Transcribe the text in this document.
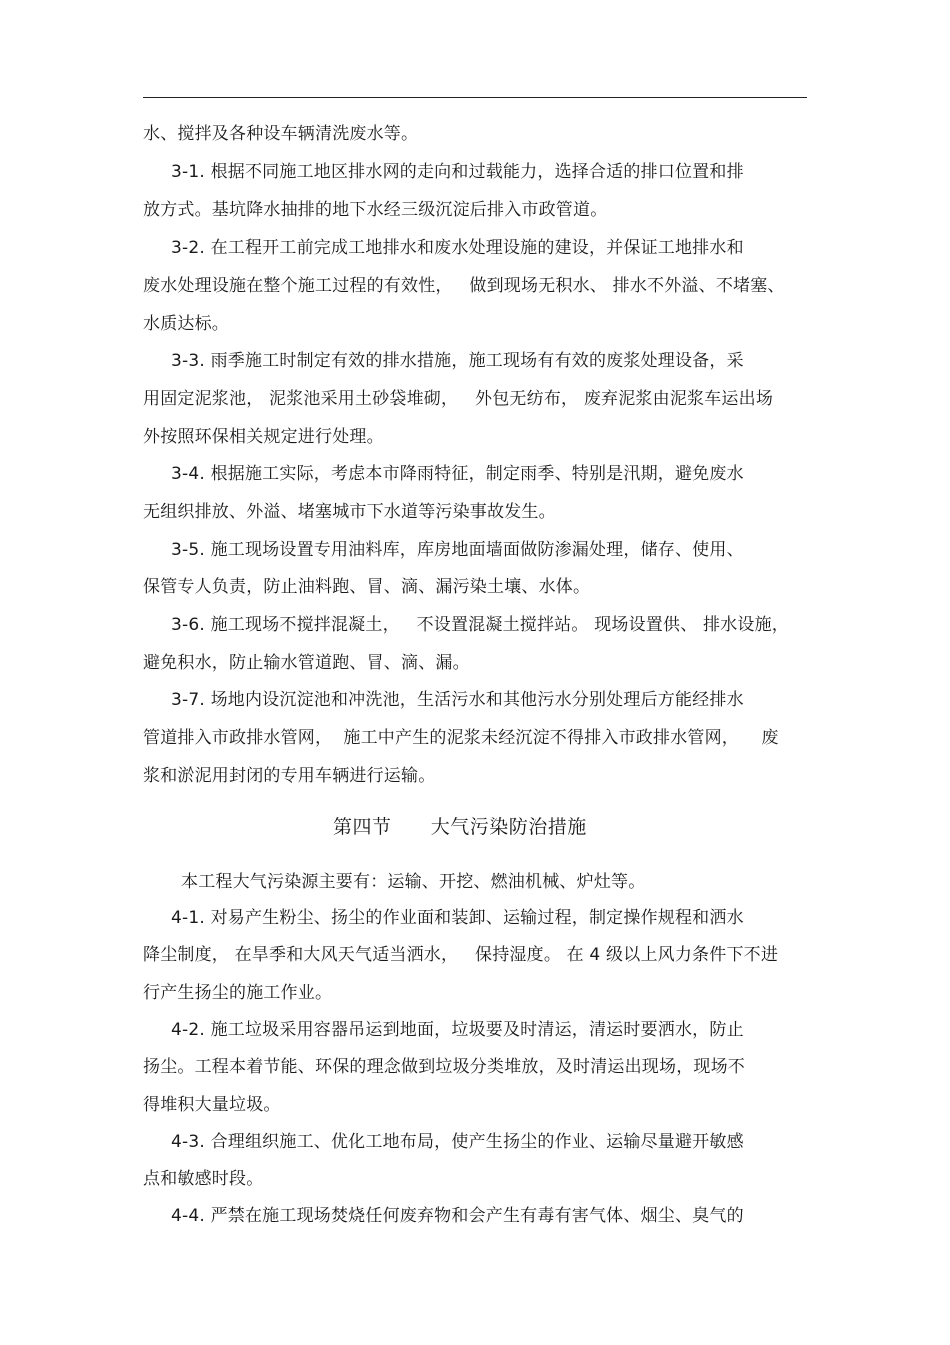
水、搅拌及各种设车辆清洗废水等。
3-1. 根据不同施工地区排水网的走向和过载能力，选择合适的排口位置和排
放方式。基坑降水抽排的地下水经三级沉淀后排入市政管道。
3-2. 在工程开工前完成工地排水和废水处理设施的建设，并保证工地排水和
废水处理设施在整个施工过程的有效性，   做到现场无积水、 排水不外溢、不堵塞、
水质达标。
3-3. 雨季施工时制定有效的排水措施，施工现场有有效的废浆处理设备，采
用固定泥浆池， 泥浆池采用土砂袋堆砌，   外包无纺布， 废弃泥浆由泥浆车运出场
外按照环保相关规定进行处理。
3-4. 根据施工实际，考虑本市降雨特征，制定雨季、特别是汛期，避免废水
无组织排放、外溢、堵塞城市下水道等污染事故发生。
3-5. 施工现场设置专用油料库，库房地面墙面做防渗漏处理，储存、使用、
保管专人负责，防止油料跑、冒、滴、漏污染土壤、水体。
3-6. 施工现场不搅拌混凝土，   不设置混凝土搅拌站。 现场设置供、 排水设施，
避免积水，防止输水管道跑、冒、滴、漏。
3-7. 场地内设沉淀池和冲洗池，生活污水和其他污水分别处理后方能经排水
管道排入市政排水管网，  施工中产生的泥浆未经沉淀不得排入市政排水管网，    废
浆和淤泥用封闭的专用车辆进行运输。
第四节      大气污染防治措施
本工程大气污染源主要有：运输、开挖、燃油机械、炉灶等。
4-1. 对易产生粉尘、扬尘的作业面和装卸、运输过程，制定操作规程和洒水
降尘制度， 在旱季和大风天气适当洒水，   保持湿度。 在 4 级以上风力条件下不进
行产生扬尘的施工作业。
4-2. 施工垃圾采用容器吊运到地面，垃圾要及时清运，清运时要洒水，防止
扬尘。工程本着节能、环保的理念做到垃圾分类堆放，及时清运出现场，现场不
得堆积大量垃圾。
4-3. 合理组织施工、优化工地布局，使产生扬尘的作业、运输尽量避开敏感
点和敏感时段。
4-4. 严禁在施工现场焚烧任何废弃物和会产生有毒有害气体、烟尘、臭气的
